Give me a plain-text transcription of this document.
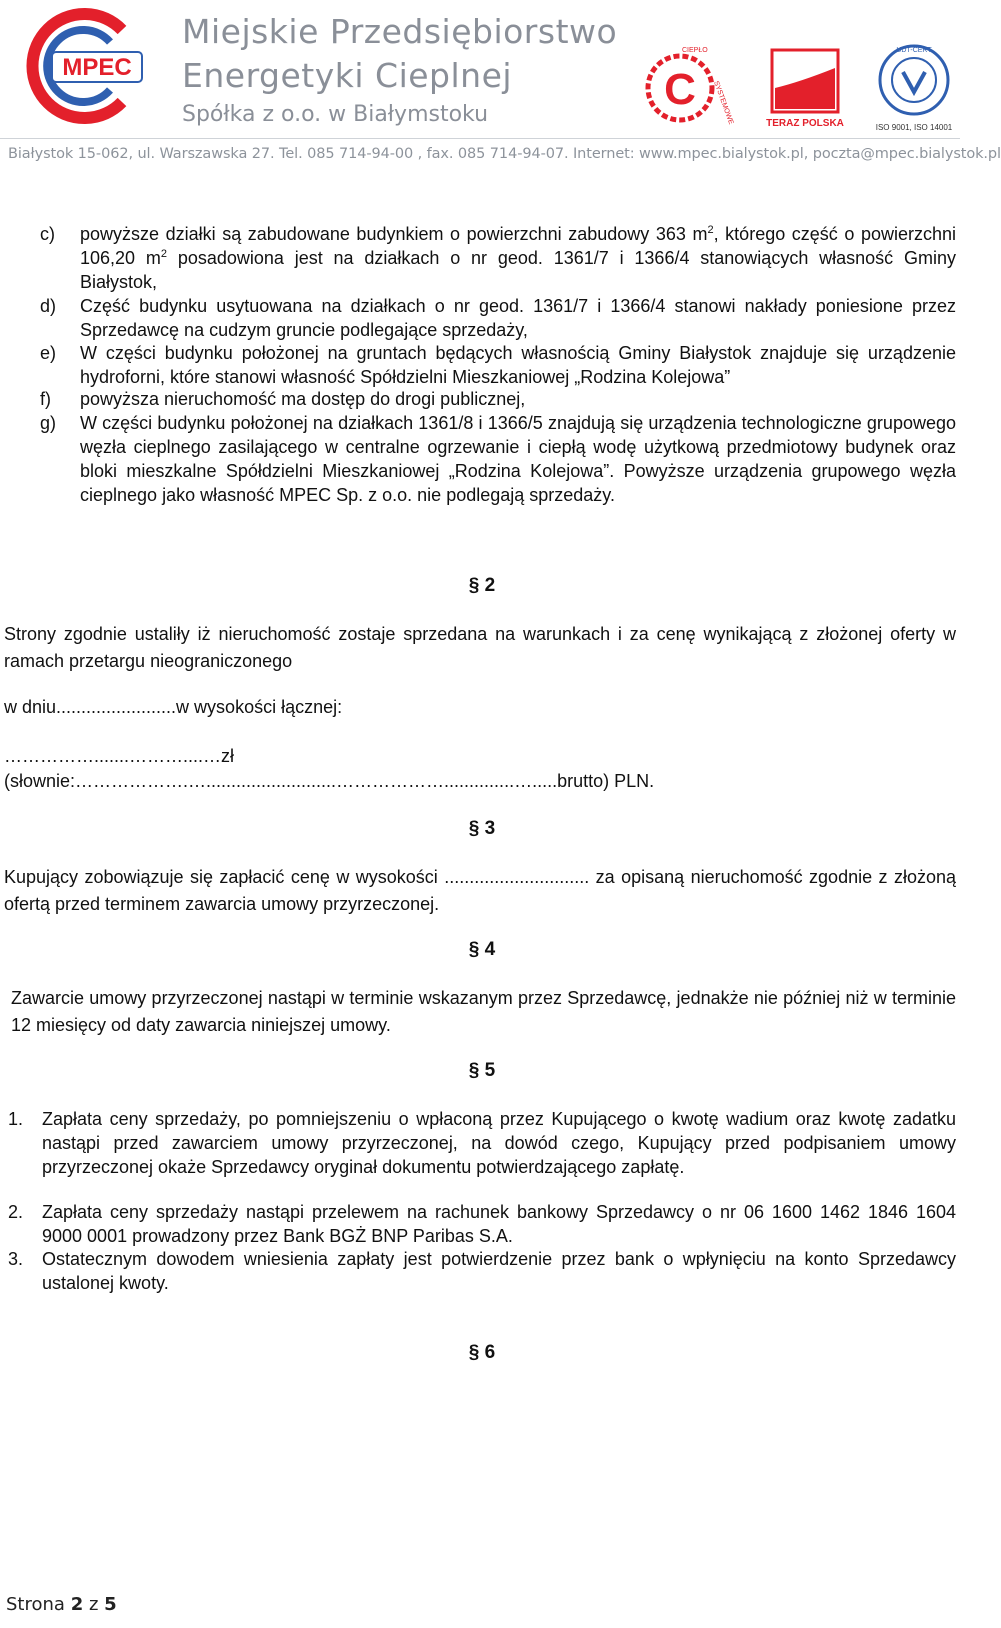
MPEC
Miejskie Przedsiębiorstwo
Energetyki Cieplnej
Spółka z o.o. w Białymstoku
C SYSTEMOWE
CIEPŁO
TERAZ POLSKA
UDT-CERT
ISO 9001, ISO 14001
Białystok 15-062, ul. Warszawska 27. Tel. 085 714-94-00 , fax. 085 714-94-07. Internet: www.mpec.bialystok.pl, poczta@mpec.bialystok.pl
c) powyższe działki są zabudowane budynkiem o powierzchni zabudowy 363 $m^2$, którego część o powierzchni 106,20 $m^2$ posadowiona jest na działkach o nr geod. 1361/7 i 1366/4 stanowiących własność Gminy Białystok,
d) Część budynku usytuowana na działkach o nr geod. 1361/7 i 1366/4 stanowi nakłady poniesione przez Sprzedawcę na cudzym gruncie podlegające sprzedaży,
e) W części budynku położonej na gruntach będących własnością Gminy Białystok znajduje się urządzenie hydroforni, które stanowi własność Spółdzielni Mieszkaniowej „Rodzina Kolejowa”
f) powyższa nieruchomość ma dostęp do drogi publicznej,
g) W części budynku położonej na działkach 1361/8 i 1366/5 znajdują się urządzenia technologiczne grupowego węzła cieplnego zasilającego w centralne ogrzewanie i ciepłą wodę użytkową przedmiotowy budynek oraz bloki mieszkalne Spółdzielni Mieszkaniowej „Rodzina Kolejowa”. Powyższe urządzenia grupowego węzła cieplnego jako własność MPEC Sp. z o.o. nie podlegają sprzedaży.
§ 2
Strony zgodnie ustaliły iż nieruchomość zostaje sprzedana na warunkach i za cenę wynikającą z złożonej oferty w ramach przetargu nieograniczonego
w dniu........................w wysokości łącznej:
…………….......………....…zł
(słownie:……………….…..........................………………..............….....brutto) PLN.
§ 3
Kupujący zobowiązuje się zapłacić cenę w wysokości ............................. za opisaną nieruchomość zgodnie z złożoną ofertą przed terminem zawarcia umowy przyrzeczonej.
§ 4
Zawarcie umowy przyrzeczonej nastąpi w terminie wskazanym przez Sprzedawcę, jednakże nie później niż w terminie 12 miesięcy od daty zawarcia niniejszej umowy.
§ 5
1. Zapłata ceny sprzedaży, po pomniejszeniu o wpłaconą przez Kupującego o kwotę wadium oraz kwotę zadatku nastąpi przed zawarciem umowy przyrzeczonej, na dowód czego, Kupujący przed podpisaniem umowy przyrzeczonej okaże Sprzedawcy oryginał dokumentu potwierdzającego zapłatę.
2. Zapłata ceny sprzedaży nastąpi przelewem na rachunek bankowy Sprzedawcy o nr 06 1600 1462 1846 1604 9000 0001 prowadzony przez Bank BGŻ BNP Paribas S.A.
3. Ostatecznym dowodem wniesienia zapłaty jest potwierdzenie przez bank o wpłynięciu na konto Sprzedawcy ustalonej kwoty.
§ 6
Strona 2 z 5
